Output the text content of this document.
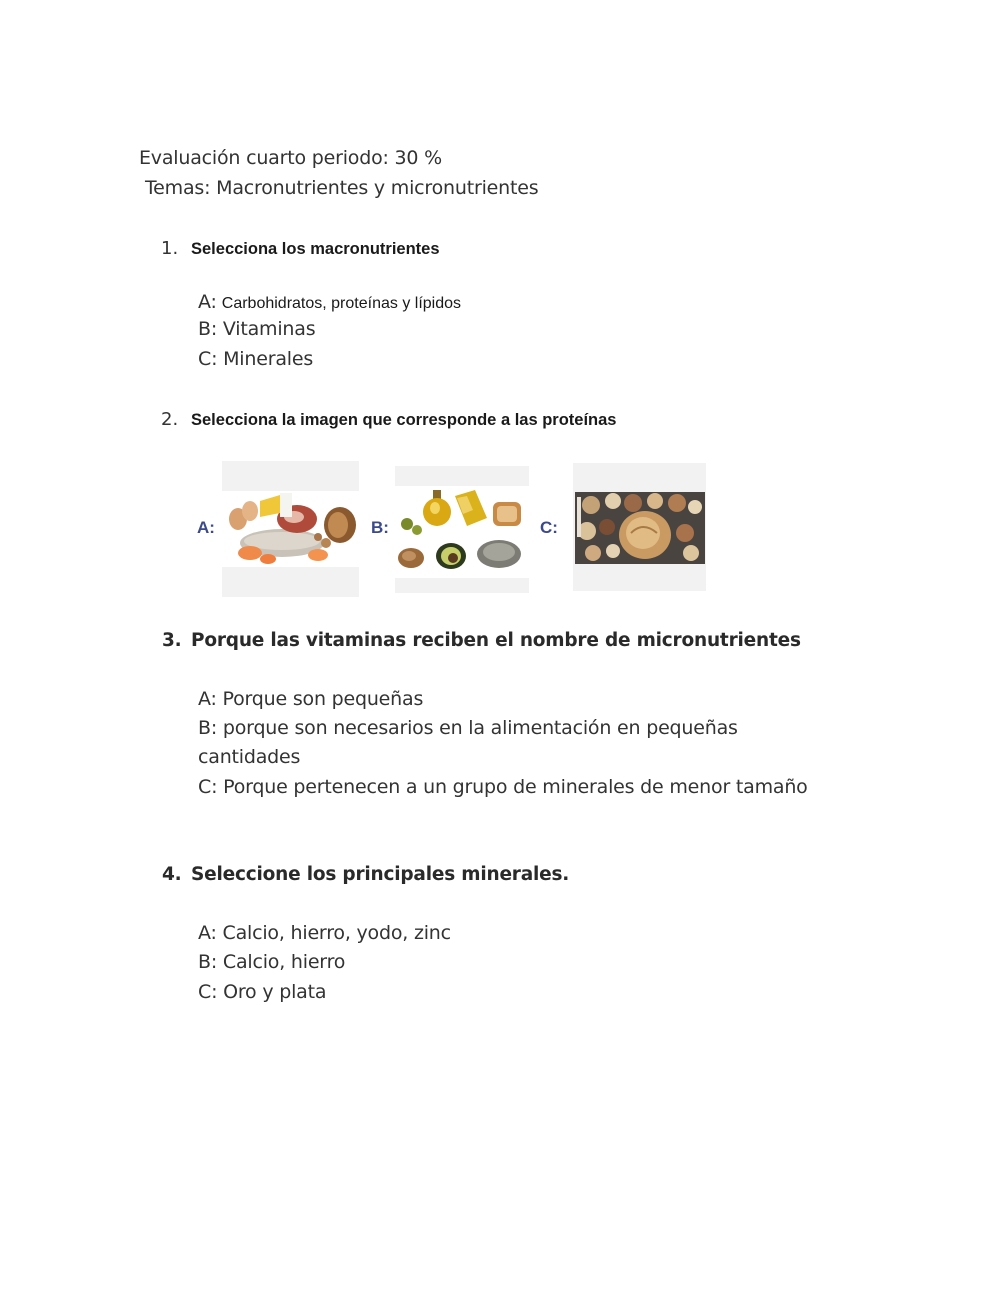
Evaluación cuarto periodo: 30 %
Temas: Macronutrientes y micronutrientes
1. Selecciona los macronutrientes
A: Carbohidratos, proteínas y lípidos
B: Vitaminas
C: Minerales
2. Selecciona la imagen que corresponde a las proteínas
A:	B:	C:
3. Porque las vitaminas reciben el nombre de micronutrientes
A: Porque son pequeñas
B: porque son necesarios en la alimentación en pequeñas
cantidades
C: Porque pertenecen a un grupo de minerales de menor tamaño
4. Seleccione los principales minerales.
A: Calcio, hierro, yodo, zinc
B: Calcio, hierro
C: Oro y plata
